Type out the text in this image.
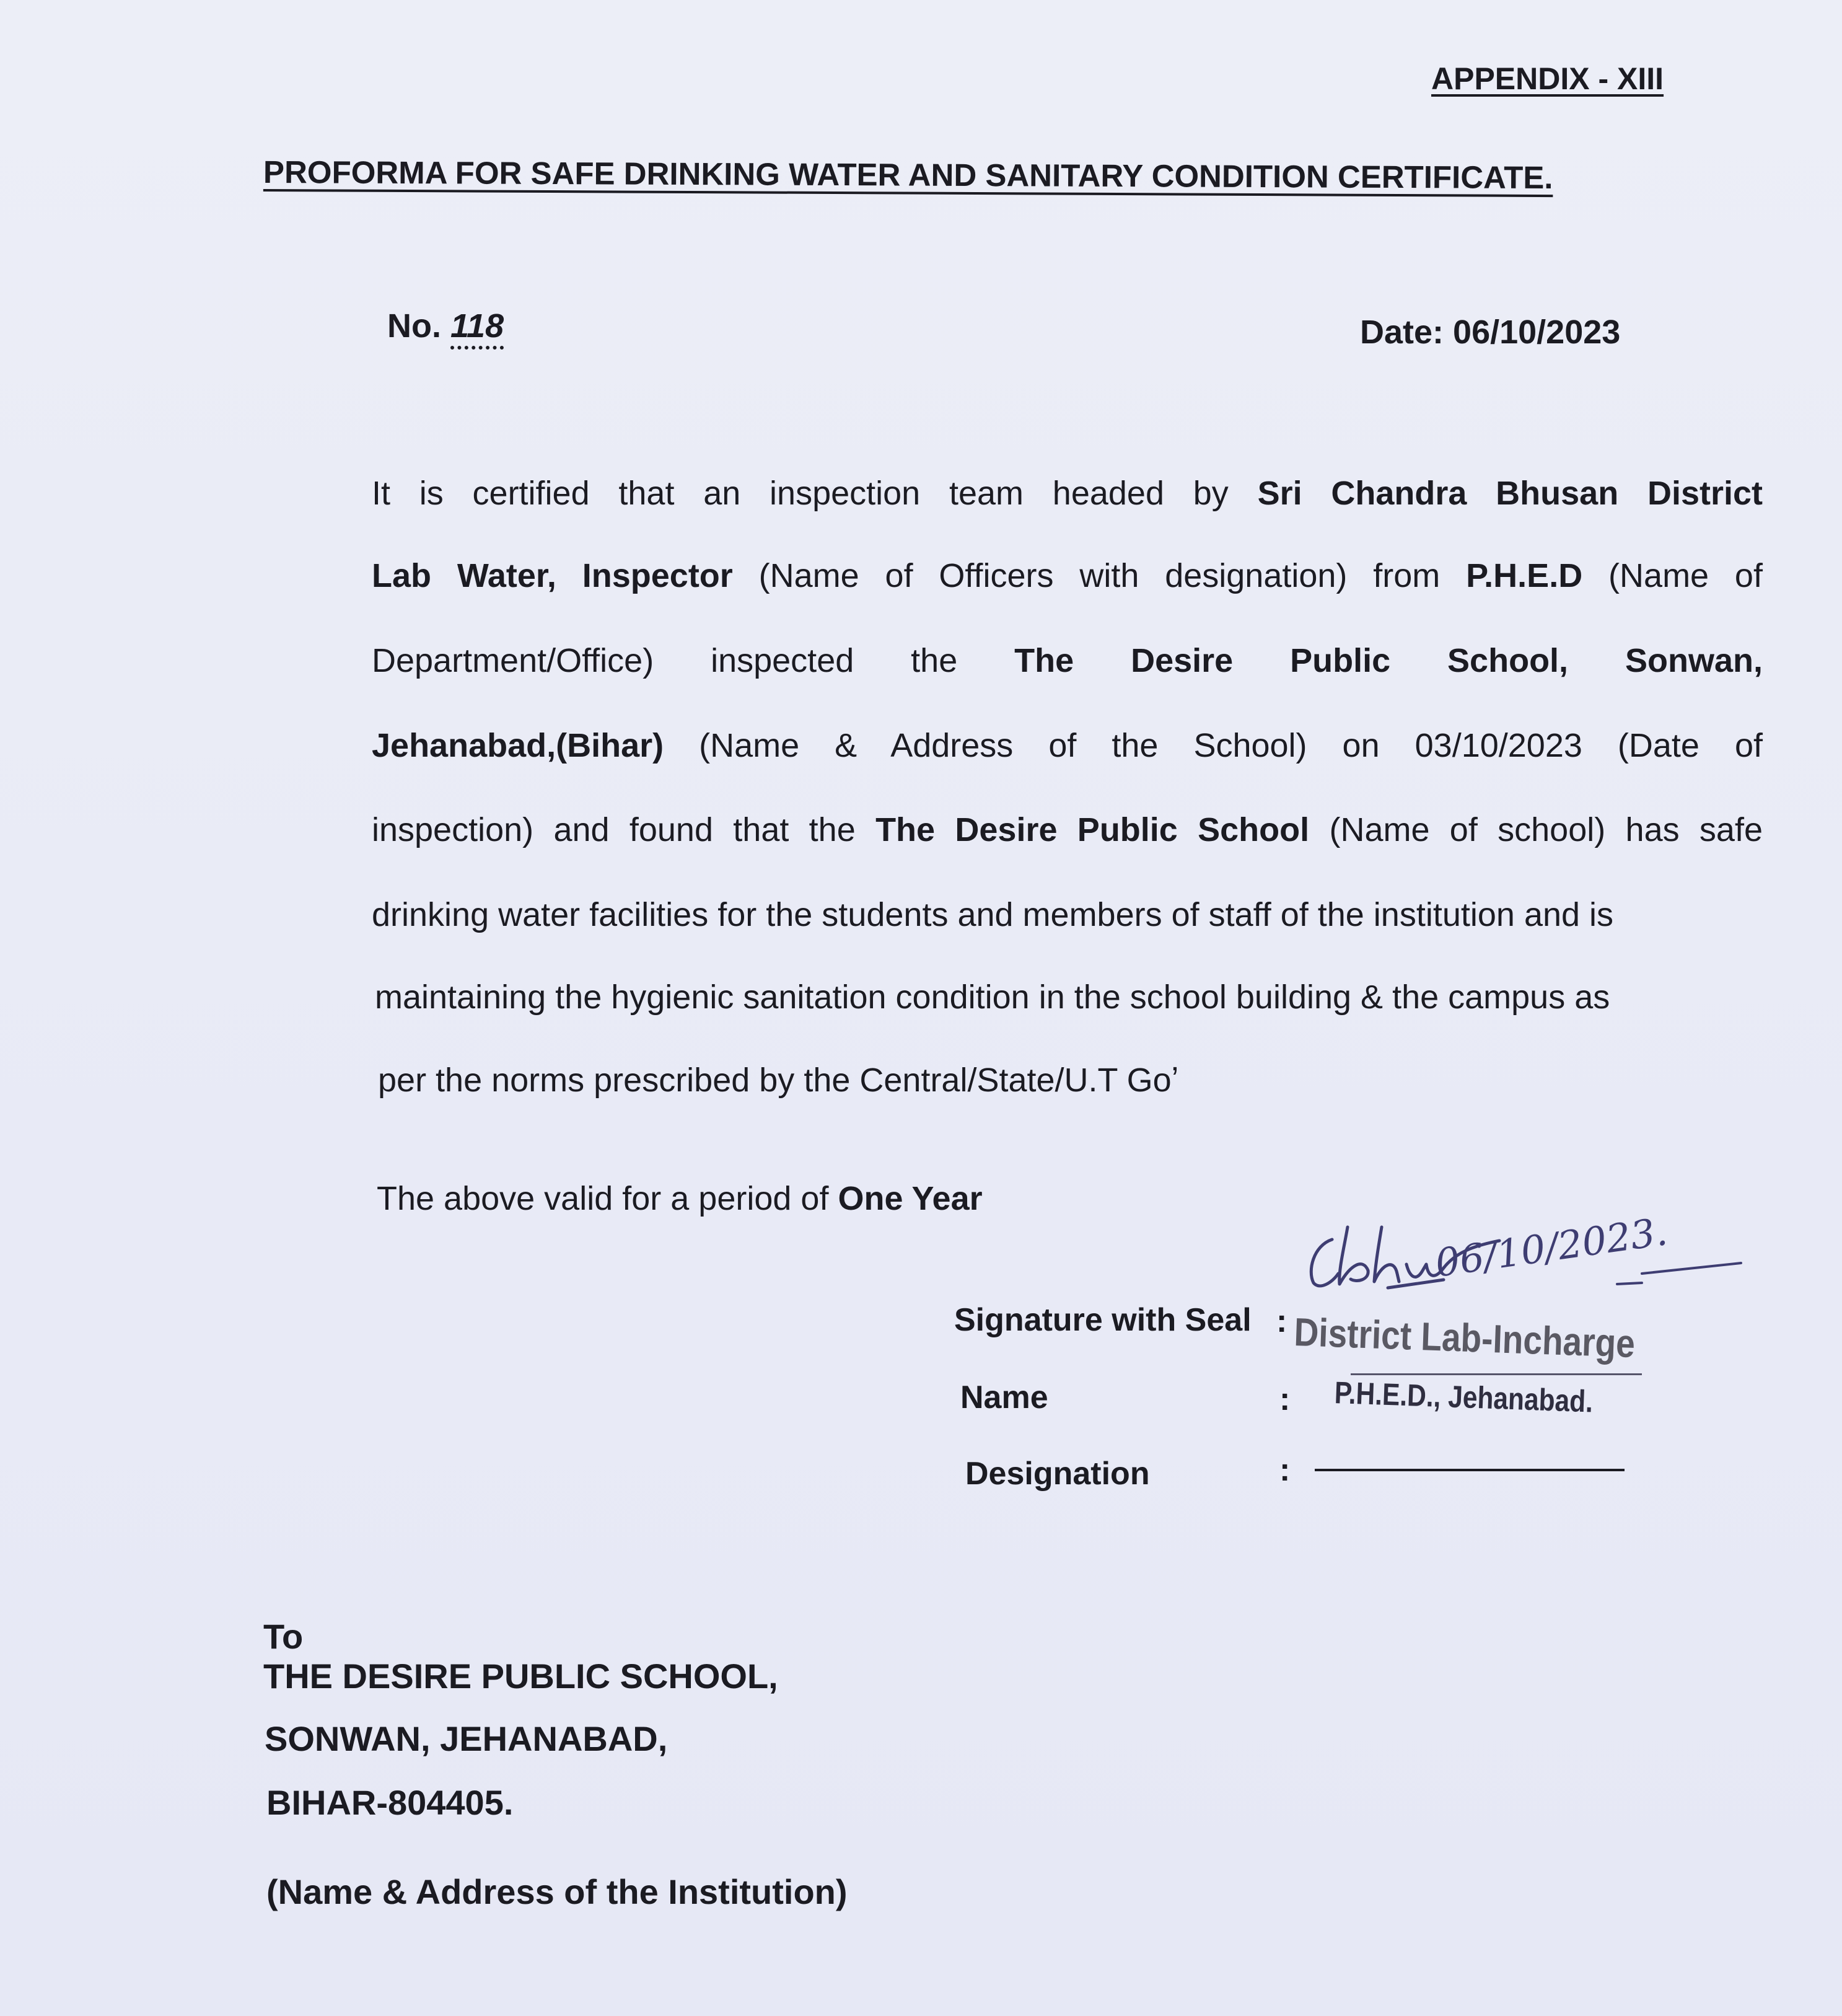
APPENDIX - XIII
PROFORMA FOR SAFE DRINKING WATER AND SANITARY CONDITION CERTIFICATE.
No. 118	Date: 06/10/2023
It is certified that an inspection team headed by Sri Chandra Bhusan District
Lab Water, Inspector (Name of Officers with designation) from P.H.E.D (Name of
Department/Office) inspected the The Desire Public School, Sonwan,
Jehanabad,(Bihar) (Name & Address of the School) on 03/10/2023 (Date of
inspection) and found that the The Desire Public School (Name of school) has safe
drinking water facilities for the students and members of staff of the institution and is
maintaining the hygienic sanitation condition in the school building & the campus as
per the norms prescribed by the Central/State/U.T Goʼ
The above valid for a period of One Year
06/10/2023.
Signature with Seal : District Lab-Incharge
Name	: P.H.E.D., Jehanabad.
Designation	:
To
THE DESIRE PUBLIC SCHOOL,
SONWAN, JEHANABAD,
BIHAR-804405.
(Name & Address of the Institution)
